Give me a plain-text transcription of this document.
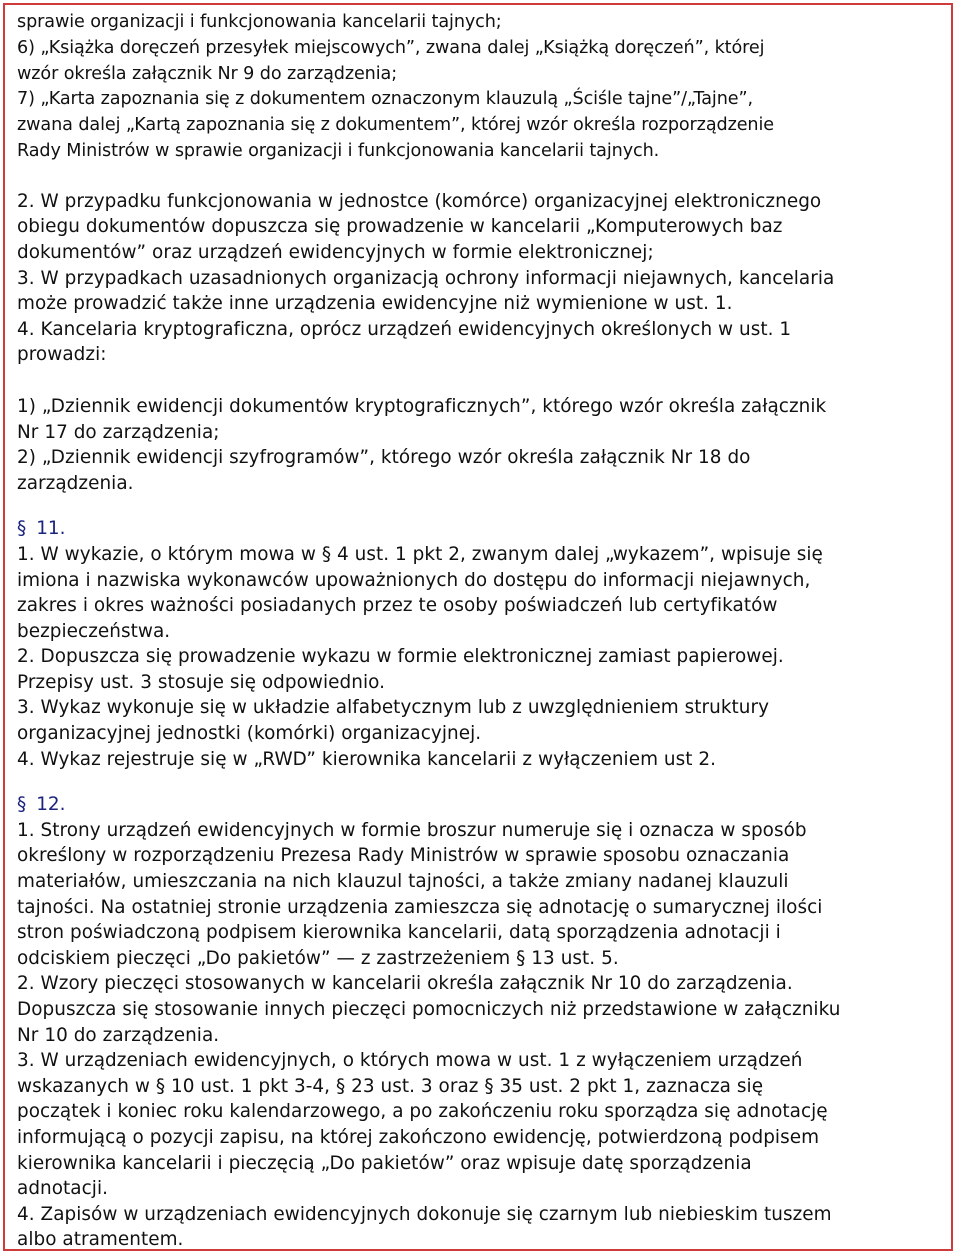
sprawie organizacji i funkcjonowania kancelarii tajnych;

6) „Książka doręczeń przesyłek miejscowych”, zwana dalej „Książką doręczeń”, której

wzór określa załącznik Nr 9 do zarządzenia;

7) „Karta zapoznania się z dokumentem oznaczonym klauzulą „Ściśle tajne”/„Tajne”,

zwana dalej „Kartą zapoznania się z dokumentem”, której wzór określa rozporządzenie

Rady Ministrów w sprawie organizacji i funkcjonowania kancelarii tajnych.

2. W przypadku funkcjonowania w jednostce (komórce) organizacyjnej elektronicznego

obiegu dokumentów dopuszcza się prowadzenie w kancelarii „Komputerowych baz

dokumentów” oraz urządzeń ewidencyjnych w formie elektronicznej;

3. W przypadkach uzasadnionych organizacją ochrony informacji niejawnych, kancelaria

może prowadzić także inne urządzenia ewidencyjne niż wymienione w ust. 1.

4. Kancelaria kryptograficzna, oprócz urządzeń ewidencyjnych określonych w ust. 1

prowadzi:

1) „Dziennik ewidencji dokumentów kryptograficznych”, którego wzór określa załącznik

Nr 17 do zarządzenia;

2) „Dziennik ewidencji szyfrogramów”, którego wzór określa załącznik Nr 18 do

zarządzenia.

§ 11.

1. W wykazie, o którym mowa w § 4 ust. 1 pkt 2, zwanym dalej „wykazem”, wpisuje się

imiona i nazwiska wykonawców upoważnionych do dostępu do informacji niejawnych,

zakres i okres ważności posiadanych przez te osoby poświadczeń lub certyfikatów

bezpieczeństwa.

2. Dopuszcza się prowadzenie wykazu w formie elektronicznej zamiast papierowej.

Przepisy ust. 3 stosuje się odpowiednio.

3. Wykaz wykonuje się w układzie alfabetycznym lub z uwzględnieniem struktury

organizacyjnej jednostki (komórki) organizacyjnej.

4. Wykaz rejestruje się w „RWD” kierownika kancelarii z wyłączeniem ust 2.

§ 12.

1. Strony urządzeń ewidencyjnych w formie broszur numeruje się i oznacza w sposób

określony w rozporządzeniu Prezesa Rady Ministrów w sprawie sposobu oznaczania

materiałów, umieszczania na nich klauzul tajności, a także zmiany nadanej klauzuli

tajności. Na ostatniej stronie urządzenia zamieszcza się adnotację o sumarycznej ilości

stron poświadczoną podpisem kierownika kancelarii, datą sporządzenia adnotacji i

odciskiem pieczęci „Do pakietów” — z zastrzeżeniem § 13 ust. 5.

2. Wzory pieczęci stosowanych w kancelarii określa załącznik Nr 10 do zarządzenia.

Dopuszcza się stosowanie innych pieczęci pomocniczych niż przedstawione w załączniku

Nr 10 do zarządzenia.

3. W urządzeniach ewidencyjnych, o których mowa w ust. 1 z wyłączeniem urządzeń

wskazanych w § 10 ust. 1 pkt 3-4, § 23 ust. 3 oraz § 35 ust. 2 pkt 1, zaznacza się

początek i koniec roku kalendarzowego, a po zakończeniu roku sporządza się adnotację

informującą o pozycji zapisu, na której zakończono ewidencję, potwierdzoną podpisem

kierownika kancelarii i pieczęcią „Do pakietów” oraz wpisuje datę sporządzenia

adnotacji.

4. Zapisów w urządzeniach ewidencyjnych dokonuje się czarnym lub niebieskim tuszem

albo atramentem.
